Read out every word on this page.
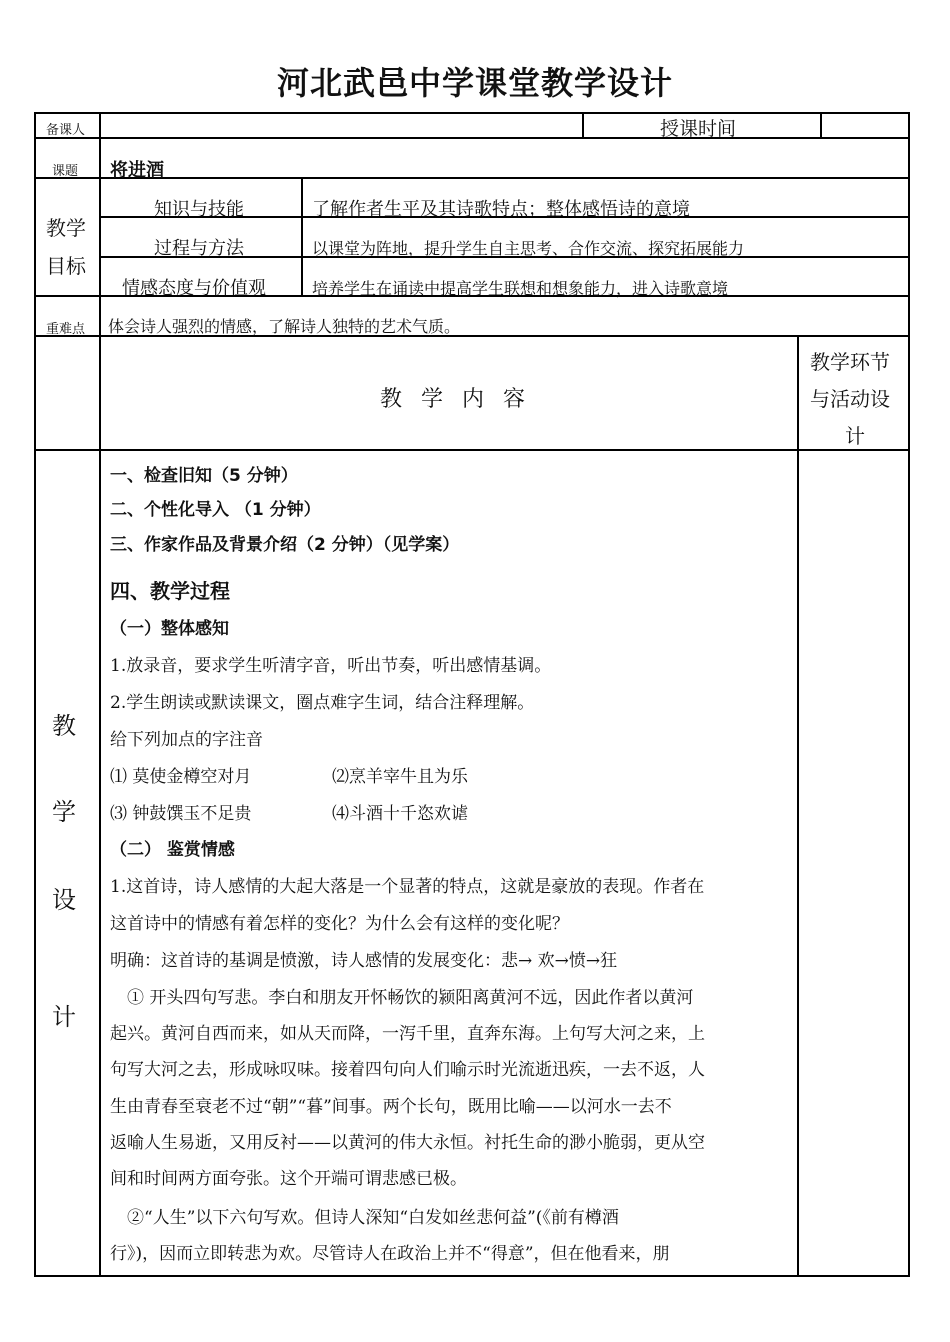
河北武邑中学课堂教学设计
备课人	授课时间
课题 将进酒
教学
目标
知识与技能	了解作者生平及其诗歌特点；整体感悟诗的意境
过程与方法	以课堂为阵地，提升学生自主思考、合作交流、探究拓展能力
情感态度与价值观	培养学生在诵读中提高学生联想和想象能力，进入诗歌意境
重难点 体会诗人强烈的情感，了解诗人独特的艺术气质。
教 学 内 容
教学环节
与活动设
计
教
学
设
计
一、检查旧知（5 分钟）
二、个性化导入 （1 分钟）
三、作家作品及背景介绍（2 分钟）（见学案）
四、教学过程
（一）整体感知
1.放录音，要求学生听清字音，听出节奏，听出感情基调。
2.学生朗读或默读课文，圈点难字生词，结合注释理解。
给下列加点的字注音
⑴ 莫使金樽空对月	⑵烹羊宰牛且为乐
⑶ 钟鼓馔玉不足贵	⑷斗酒十千恣欢谑
（二） 鉴赏情感
1.这首诗，诗人感情的大起大落是一个显著的特点，这就是豪放的表现。作者在
这首诗中的情感有着怎样的变化？为什么会有这样的变化呢？
明确：这首诗的基调是愤激，诗人感情的发展变化：悲→ 欢→愤→狂
　① 开头四句写悲。李白和朋友开怀畅饮的颍阳离黄河不远，因此作者以黄河
起兴。黄河自西而来，如从天而降，一泻千里，直奔东海。上句写大河之来，上
句写大河之去，形成咏叹味。接着四句向人们喻示时光流逝迅疾，一去不返，人
生由青春至衰老不过“朝”“暮”间事。两个长句，既用比喻——以河水一去不
返喻人生易逝，又用反衬——以黄河的伟大永恒。衬托生命的渺小脆弱，更从空
间和时间两方面夸张。这个开端可谓悲感已极。
　②“人生”以下六句写欢。但诗人深知“白发如丝悲何益”(《前有樽酒
行》)，因而立即转悲为欢。尽管诗人在政治上并不“得意”，但在他看来，朋
